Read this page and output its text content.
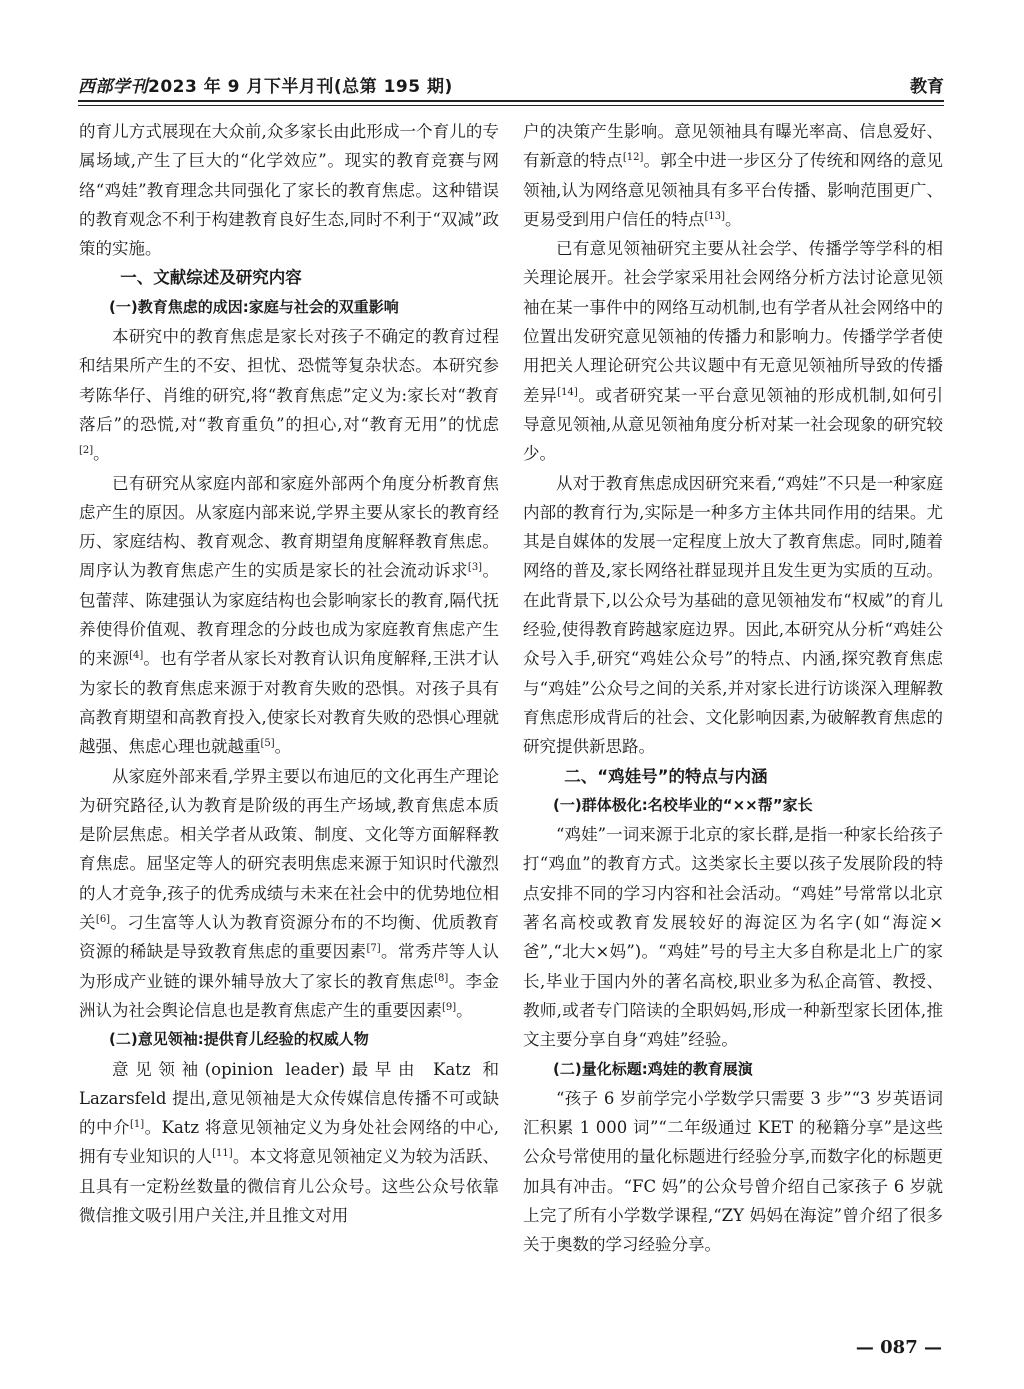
西部学刊2023 年 9 月下半月刊(总第 195 期)	教育

的育儿方式展现在大众前,众多家长由此形成一个育儿的专属场域,产生了巨大的“化学效应”。现实的教育竞赛与网络“鸡娃”教育理念共同强化了家长的教育焦虑。这种错误的教育观念不利于构建教育良好生态,同时不利于“双减”政策的实施。

一、文献综述及研究内容

(一)教育焦虑的成因:家庭与社会的双重影响

本研究中的教育焦虑是家长对孩子不确定的教育过程和结果所产生的不安、担忧、恐慌等复杂状态。本研究参考陈华仔、肖维的研究,将“教育焦虑”定义为:家长对“教育落后”的恐慌,对“教育重负”的担心,对“教育无用”的忧虑[2]。

已有研究从家庭内部和家庭外部两个角度分析教育焦虑产生的原因。从家庭内部来说,学界主要从家长的教育经历、家庭结构、教育观念、教育期望角度解释教育焦虑。周序认为教育焦虑产生的实质是家长的社会流动诉求[3]。包蕾萍、陈建强认为家庭结构也会影响家长的教育,隔代抚养使得价值观、教育理念的分歧也成为家庭教育焦虑产生的来源[4]。也有学者从家长对教育认识角度解释,王洪才认为家长的教育焦虑来源于对教育失败的恐惧。对孩子具有高教育期望和高教育投入,使家长对教育失败的恐惧心理就越强、焦虑心理也就越重[5]。

从家庭外部来看,学界主要以布迪厄的文化再生产理论为研究路径,认为教育是阶级的再生产场域,教育焦虑本质是阶层焦虑。相关学者从政策、制度、文化等方面解释教育焦虑。屈坚定等人的研究表明焦虑来源于知识时代激烈的人才竞争,孩子的优秀成绩与未来在社会中的优势地位相关[6]。刁生富等人认为教育资源分布的不均衡、优质教育资源的稀缺是导致教育焦虑的重要因素[7]。常秀芹等人认为形成产业链的课外辅导放大了家长的教育焦虑[8]。李金洲认为社会舆论信息也是教育焦虑产生的重要因素[9]。

(二)意见领袖:提供育儿经验的权威人物

意见领袖(opinion leader)最早由 Katz 和 Lazarsfeld 提出,意见领袖是大众传媒信息传播不可或缺的中介[1]。Katz 将意见领袖定义为身处社会网络的中心,拥有专业知识的人[11]。本文将意见领袖定义为较为活跃、且具有一定粉丝数量的微信育儿公众号。这些公众号依靠微信推文吸引用户关注,并且推文对用

户的决策产生影响。意见领袖具有曝光率高、信息爱好、有新意的特点[12]。郭全中进一步区分了传统和网络的意见领袖,认为网络意见领袖具有多平台传播、影响范围更广、更易受到用户信任的特点[13]。

已有意见领袖研究主要从社会学、传播学等学科的相关理论展开。社会学家采用社会网络分析方法讨论意见领袖在某一事件中的网络互动机制,也有学者从社会网络中的位置出发研究意见领袖的传播力和影响力。传播学学者使用把关人理论研究公共议题中有无意见领袖所导致的传播差异[14]。或者研究某一平台意见领袖的形成机制,如何引导意见领袖,从意见领袖角度分析对某一社会现象的研究较少。

从对于教育焦虑成因研究来看,“鸡娃”不只是一种家庭内部的教育行为,实际是一种多方主体共同作用的结果。尤其是自媒体的发展一定程度上放大了教育焦虑。同时,随着网络的普及,家长网络社群显现并且发生更为实质的互动。在此背景下,以公众号为基础的意见领袖发布“权威”的育儿经验,使得教育跨越家庭边界。因此,本研究从分析“鸡娃公众号入手,研究“鸡娃公众号”的特点、内涵,探究教育焦虑与“鸡娃”公众号之间的关系,并对家长进行访谈深入理解教育焦虑形成背后的社会、文化影响因素,为破解教育焦虑的研究提供新思路。

二、“鸡娃号”的特点与内涵

(一)群体极化:名校毕业的“××帮”家长

“鸡娃”一词来源于北京的家长群,是指一种家长给孩子打“鸡血”的教育方式。这类家长主要以孩子发展阶段的特点安排不同的学习内容和社会活动。“鸡娃”号常常以北京著名高校或教育发展较好的海淀区为名字(如“海淀×爸”,“北大×妈”)。“鸡娃”号的号主大多自称是北上广的家长,毕业于国内外的著名高校,职业多为私企高管、教授、教师,或者专门陪读的全职妈妈,形成一种新型家长团体,推文主要分享自身“鸡娃”经验。

(二)量化标题:鸡娃的教育展演

“孩子 6 岁前学完小学数学只需要 3 步”“3 岁英语词汇积累 1 000 词”“二年级通过 KET 的秘籍分享”是这些公众号常使用的量化标题进行经验分享,而数字化的标题更加具有冲击。“FC 妈”的公众号曾介绍自己家孩子 6 岁就上完了所有小学数学课程,“ZY 妈妈在海淀”曾介绍了很多关于奥数的学习经验分享。

— 087 —
